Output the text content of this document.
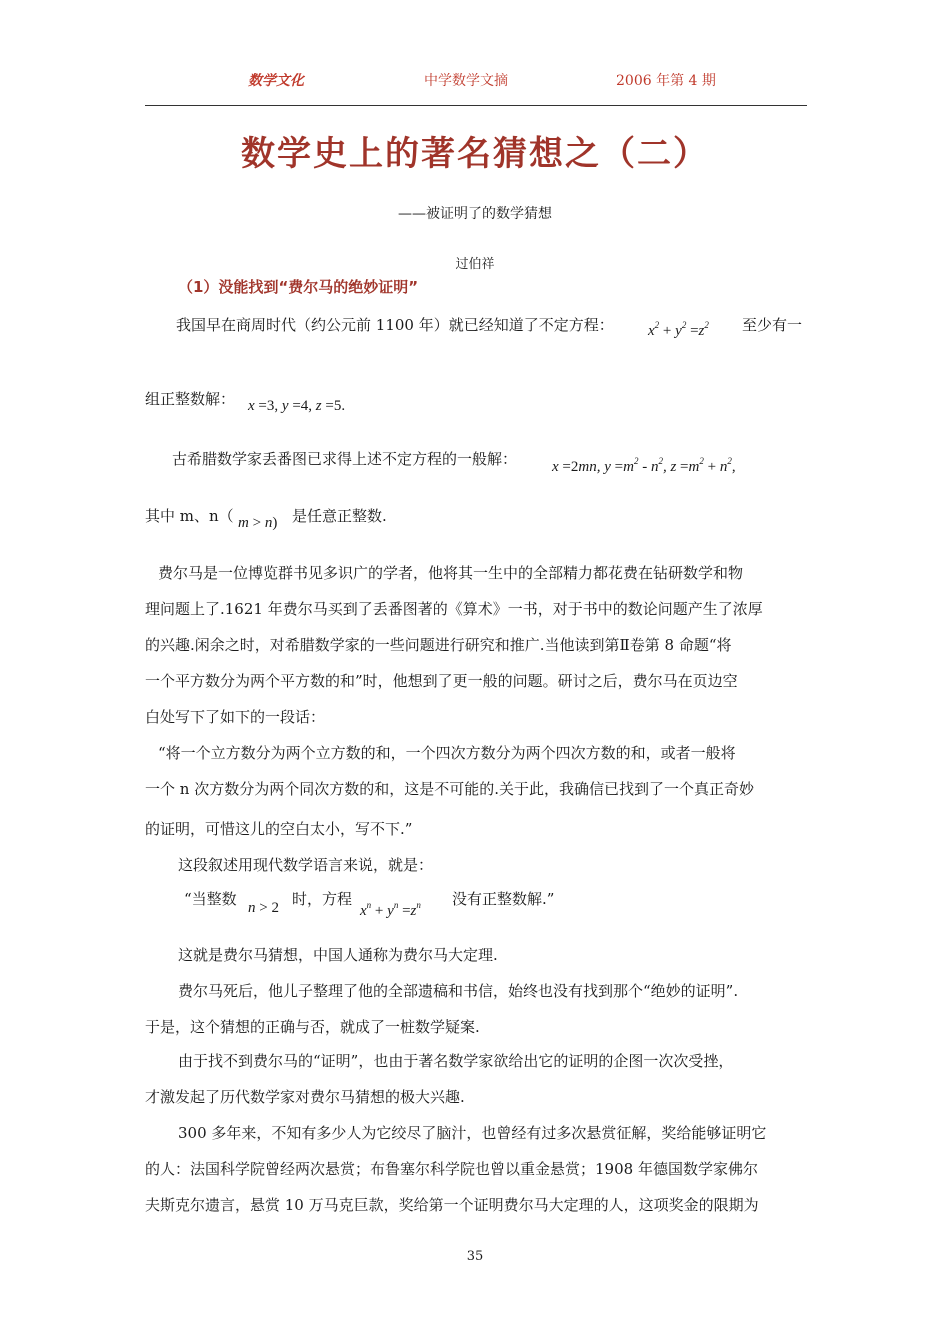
数学文化	中学数学文摘	2006 年第 4 期
数学史上的著名猜想之（二）
——被证明了的数学猜想
过伯祥
（1）没能找到“费尔马的绝妙证明”
我国早在商周时代（约公元前 1100 年）就已经知道了不定方程： $x^2 + y^2 =z^2$ 至少有一
组正整数解： x =3, y =4, z =5.
古希腊数学家丢番图已求得上述不定方程的一般解： x =2mn, $y =m^2 - n^2$, $z =m^2 + n^2$,
其中 m、n（ m > n) 是任意正整数.
费尔马是一位博览群书见多识广的学者，他将其一生中的全部精力都花费在钻研数学和物
理问题上了.1621 年费尔马买到了丢番图著的《算术》一书，对于书中的数论问题产生了浓厚
的兴趣.闲余之时，对希腊数学家的一些问题进行研究和推广.当他读到第Ⅱ卷第 8 命题“将
一个平方数分为两个平方数的和”时，他想到了更一般的问题。研讨之后，费尔马在页边空
白处写下了如下的一段话：
“将一个立方数分为两个立方数的和，一个四次方数分为两个四次方数的和，或者一般将
一个 n 次方数分为两个同次方数的和，这是不可能的.关于此，我确信已找到了一个真正奇妙
的证明，可惜这儿的空白太小，写不下.”
这段叙述用现代数学语言来说，就是：
“当整数 n > 2 时，方程
$x^n + y^n =z^n$ 没有正整数解.”
这就是费尔马猜想，中国人通称为费尔马大定理.
费尔马死后，他儿子整理了他的全部遗稿和书信，始终也没有找到那个“绝妙的证明”.
于是，这个猜想的正确与否，就成了一桩数学疑案.
由于找不到费尔马的“证明”，也由于著名数学家欲给出它的证明的企图一次次受挫，
才激发起了历代数学家对费尔马猜想的极大兴趣.
300 多年来，不知有多少人为它绞尽了脑汁，也曾经有过多次悬赏征解，奖给能够证明它
的人：法国科学院曾经两次悬赏；布鲁塞尔科学院也曾以重金悬赏；1908 年德国数学家佛尔
夫斯克尔遗言，悬赏 10 万马克巨款，奖给第一个证明费尔马大定理的人，这项奖金的限期为
35
